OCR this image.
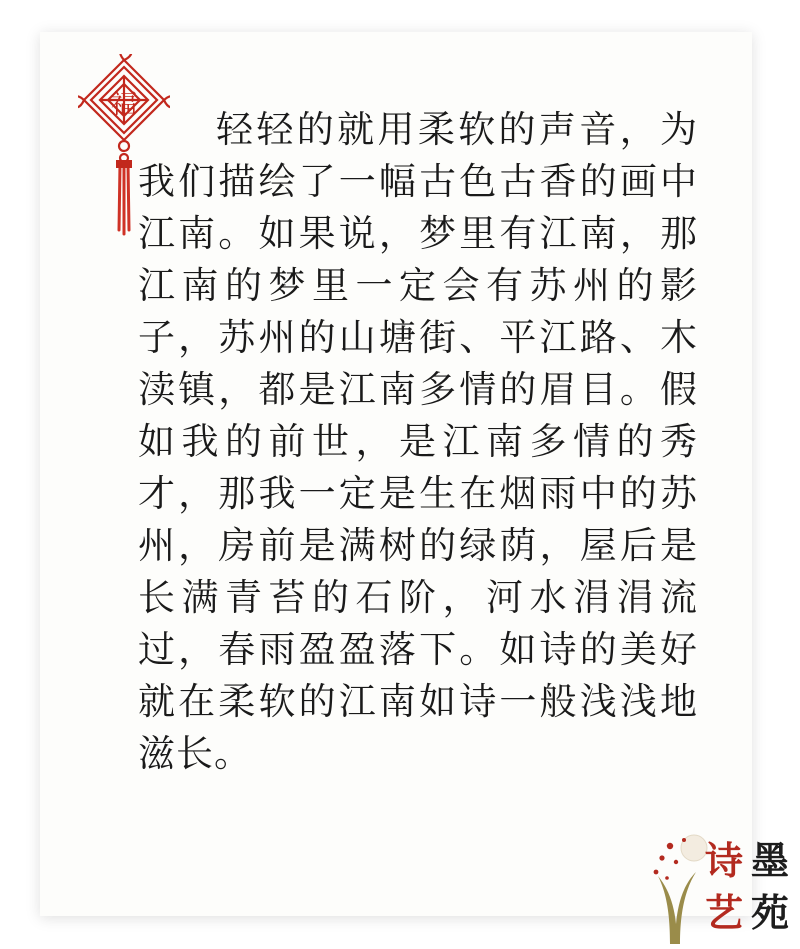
福
轻轻的就用柔软的声音，为我们描绘了一幅古色古香的画中江南。如果说，梦里有江南，那江南的梦里一定会有苏州的影子，苏州的山塘街、平江路、木渎镇，都是江南多情的眉目。假如我的前世，是江南多情的秀才，那我一定是生在烟雨中的苏州，房前是满树的绿荫，屋后是长满青苔的石阶，河水涓涓流过，春雨盈盈落下。如诗的美好就在柔软的江南如诗一般浅浅地滋长。
诗 墨
艺 苑
